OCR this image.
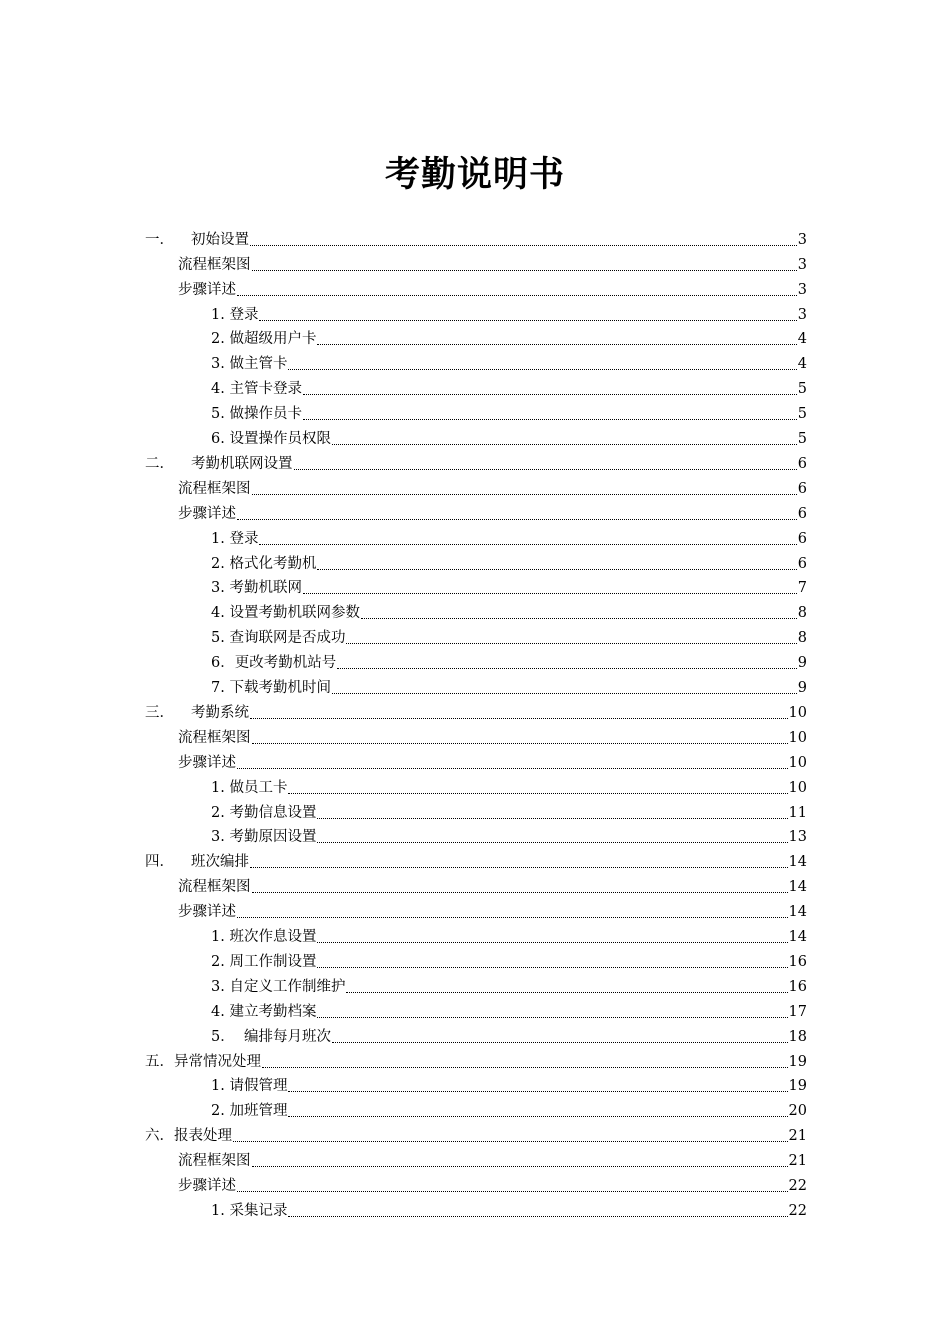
考勤说明书
一． 初始设置	3
流程框架图	3
步骤详述	3
1. 登录	3
2. 做超级用户卡	4
3. 做主管卡	4
4. 主管卡登录	5
5. 做操作员卡	5
6. 设置操作员权限	5
二． 考勤机联网设置	6
流程框架图	6
步骤详述	6
1. 登录	6
2. 格式化考勤机	6
3. 考勤机联网	7
4. 设置考勤机联网参数	8
5. 查询联网是否成功	8
6．更改考勤机站号	9
7. 下载考勤机时间	9
三． 考勤系统	10
流程框架图	10
步骤详述	10
1. 做员工卡	10
2. 考勤信息设置	11
3. 考勤原因设置	13
四． 班次编排	14
流程框架图	14
步骤详述	14
1. 班次作息设置	14
2. 周工作制设置	16
3. 自定义工作制维护	16
4. 建立考勤档案	17
5．  编排每月班次	18
五．异常情况处理	19
1. 请假管理	19
2. 加班管理	20
六．报表处理	21
流程框架图	21
步骤详述	22
1. 采集记录	22
